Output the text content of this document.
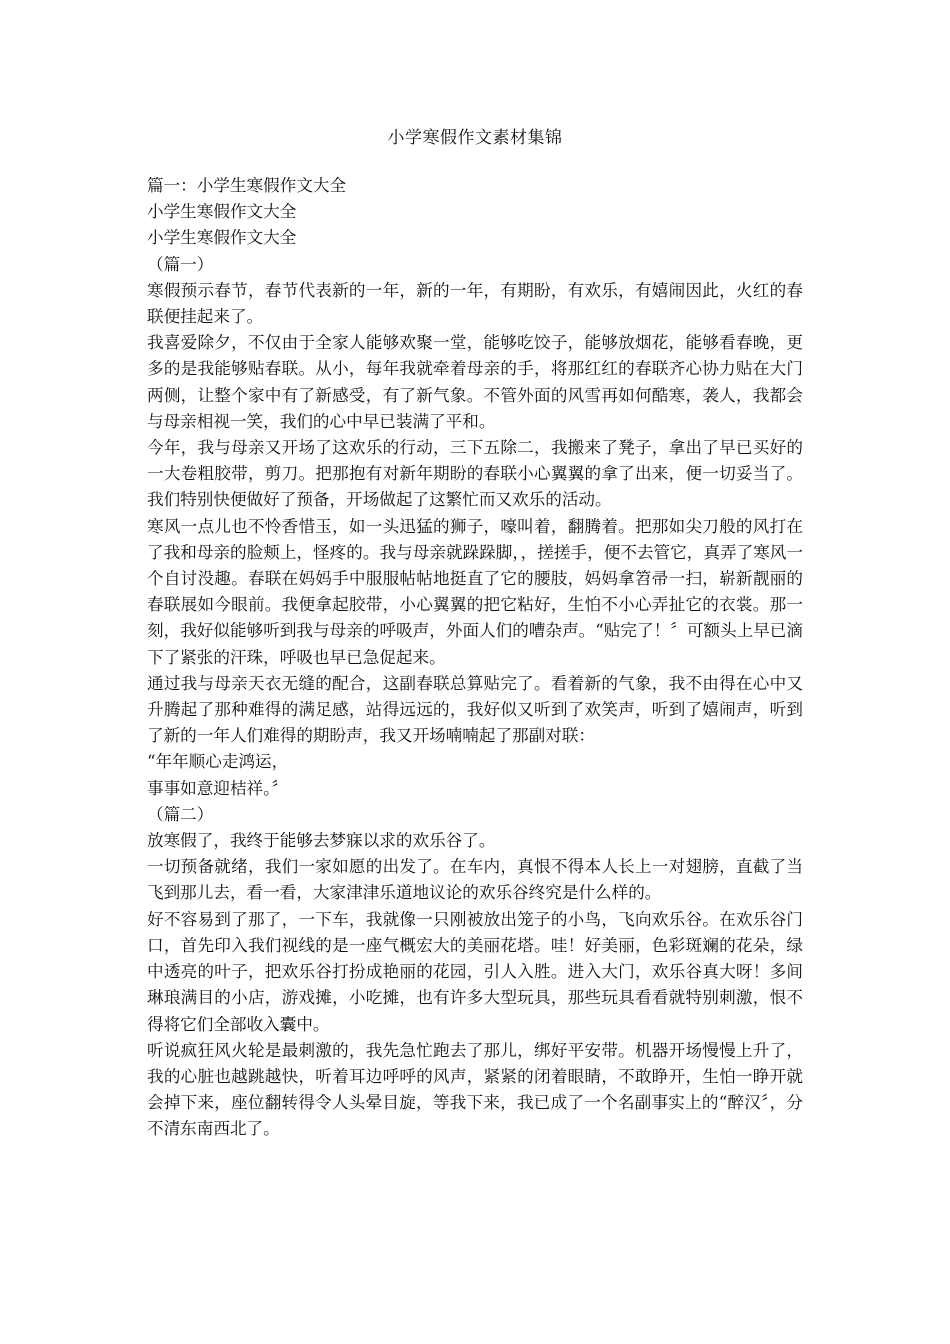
小学寒假作文素材集锦

篇一：小学生寒假作文大全

小学生寒假作文大全

小学生寒假作文大全

（篇一）

寒假预示春节，春节代表新的一年，新的一年，有期盼，有欢乐，有嬉闹因此，火红的春联便挂起来了。

我喜爱除夕，不仅由于全家人能够欢聚一堂，能够吃饺子，能够放烟花，能够看春晚，更多的是我能够贴春联。从小，每年我就牵着母亲的手，将那红红的春联齐心协力贴在大门两侧，让整个家中有了新感受，有了新气象。不管外面的风雪再如何酷寒，袭人，我都会与母亲相视一笑，我们的心中早已装满了平和。

今年，我与母亲又开场了这欢乐的行动，三下五除二，我搬来了凳子，拿出了早已买好的一大卷粗胶带，剪刀。把那抱有对新年期盼的春联小心翼翼的拿了出来，便一切妥当了。我们特别快便做好了预备，开场做起了这繁忙而又欢乐的活动。

寒风一点儿也不怜香惜玉，如一头迅猛的狮子，嚎叫着，翻腾着。把那如尖刀般的风打在了我和母亲的脸颊上，怪疼的。我与母亲就跺跺脚，，搓搓手，便不去管它，真弄了寒风一个自讨没趣。春联在妈妈手中服服帖帖地挺直了它的腰肢，妈妈拿笤帚一扫，崭新靓丽的春联展如今眼前。我便拿起胶带，小心翼翼的把它粘好，生怕不小心弄扯它的衣裳。那一刻，我好似能够听到我与母亲的呼吸声，外面人们的嘈杂声。“贴完了！〞可额头上早已滴下了紧张的汗珠，呼吸也早已急促起来。

通过我与母亲天衣无缝的配合，这副春联总算贴完了。看着新的气象，我不由得在心中又升腾起了那种难得的满足感，站得远远的，我好似又听到了欢笑声，听到了嬉闹声，听到了新的一年人们难得的期盼声，我又开场喃喃起了那副对联：

“年年顺心走鸿运，

事事如意迎桔祥。〞

（篇二）

放寒假了，我终于能够去梦寐以求的欢乐谷了。

一切预备就绪，我们一家如愿的出发了。在车内，真恨不得本人长上一对翅膀，直截了当飞到那儿去，看一看，大家津津乐道地议论的欢乐谷终究是什么样的。

好不容易到了那了，一下车，我就像一只刚被放出笼子的小鸟，飞向欢乐谷。在欢乐谷门口，首先印入我们视线的是一座气概宏大的美丽花塔。哇！好美丽，色彩斑斓的花朵，绿中透亮的叶子，把欢乐谷打扮成艳丽的花园，引人入胜。进入大门，欢乐谷真大呀！多间琳琅满目的小店，游戏摊，小吃摊，也有许多大型玩具，那些玩具看看就特别刺激，恨不得将它们全部收入囊中。

听说疯狂风火轮是最刺激的，我先急忙跑去了那儿，绑好平安带。机器开场慢慢上升了，我的心脏也越跳越快，听着耳边呼呼的风声，紧紧的闭着眼睛，不敢睁开，生怕一睁开就会掉下来，座位翻转得令人头晕目旋，等我下来，我已成了一个名副事实上的“醉汉〞，分不清东南西北了。
